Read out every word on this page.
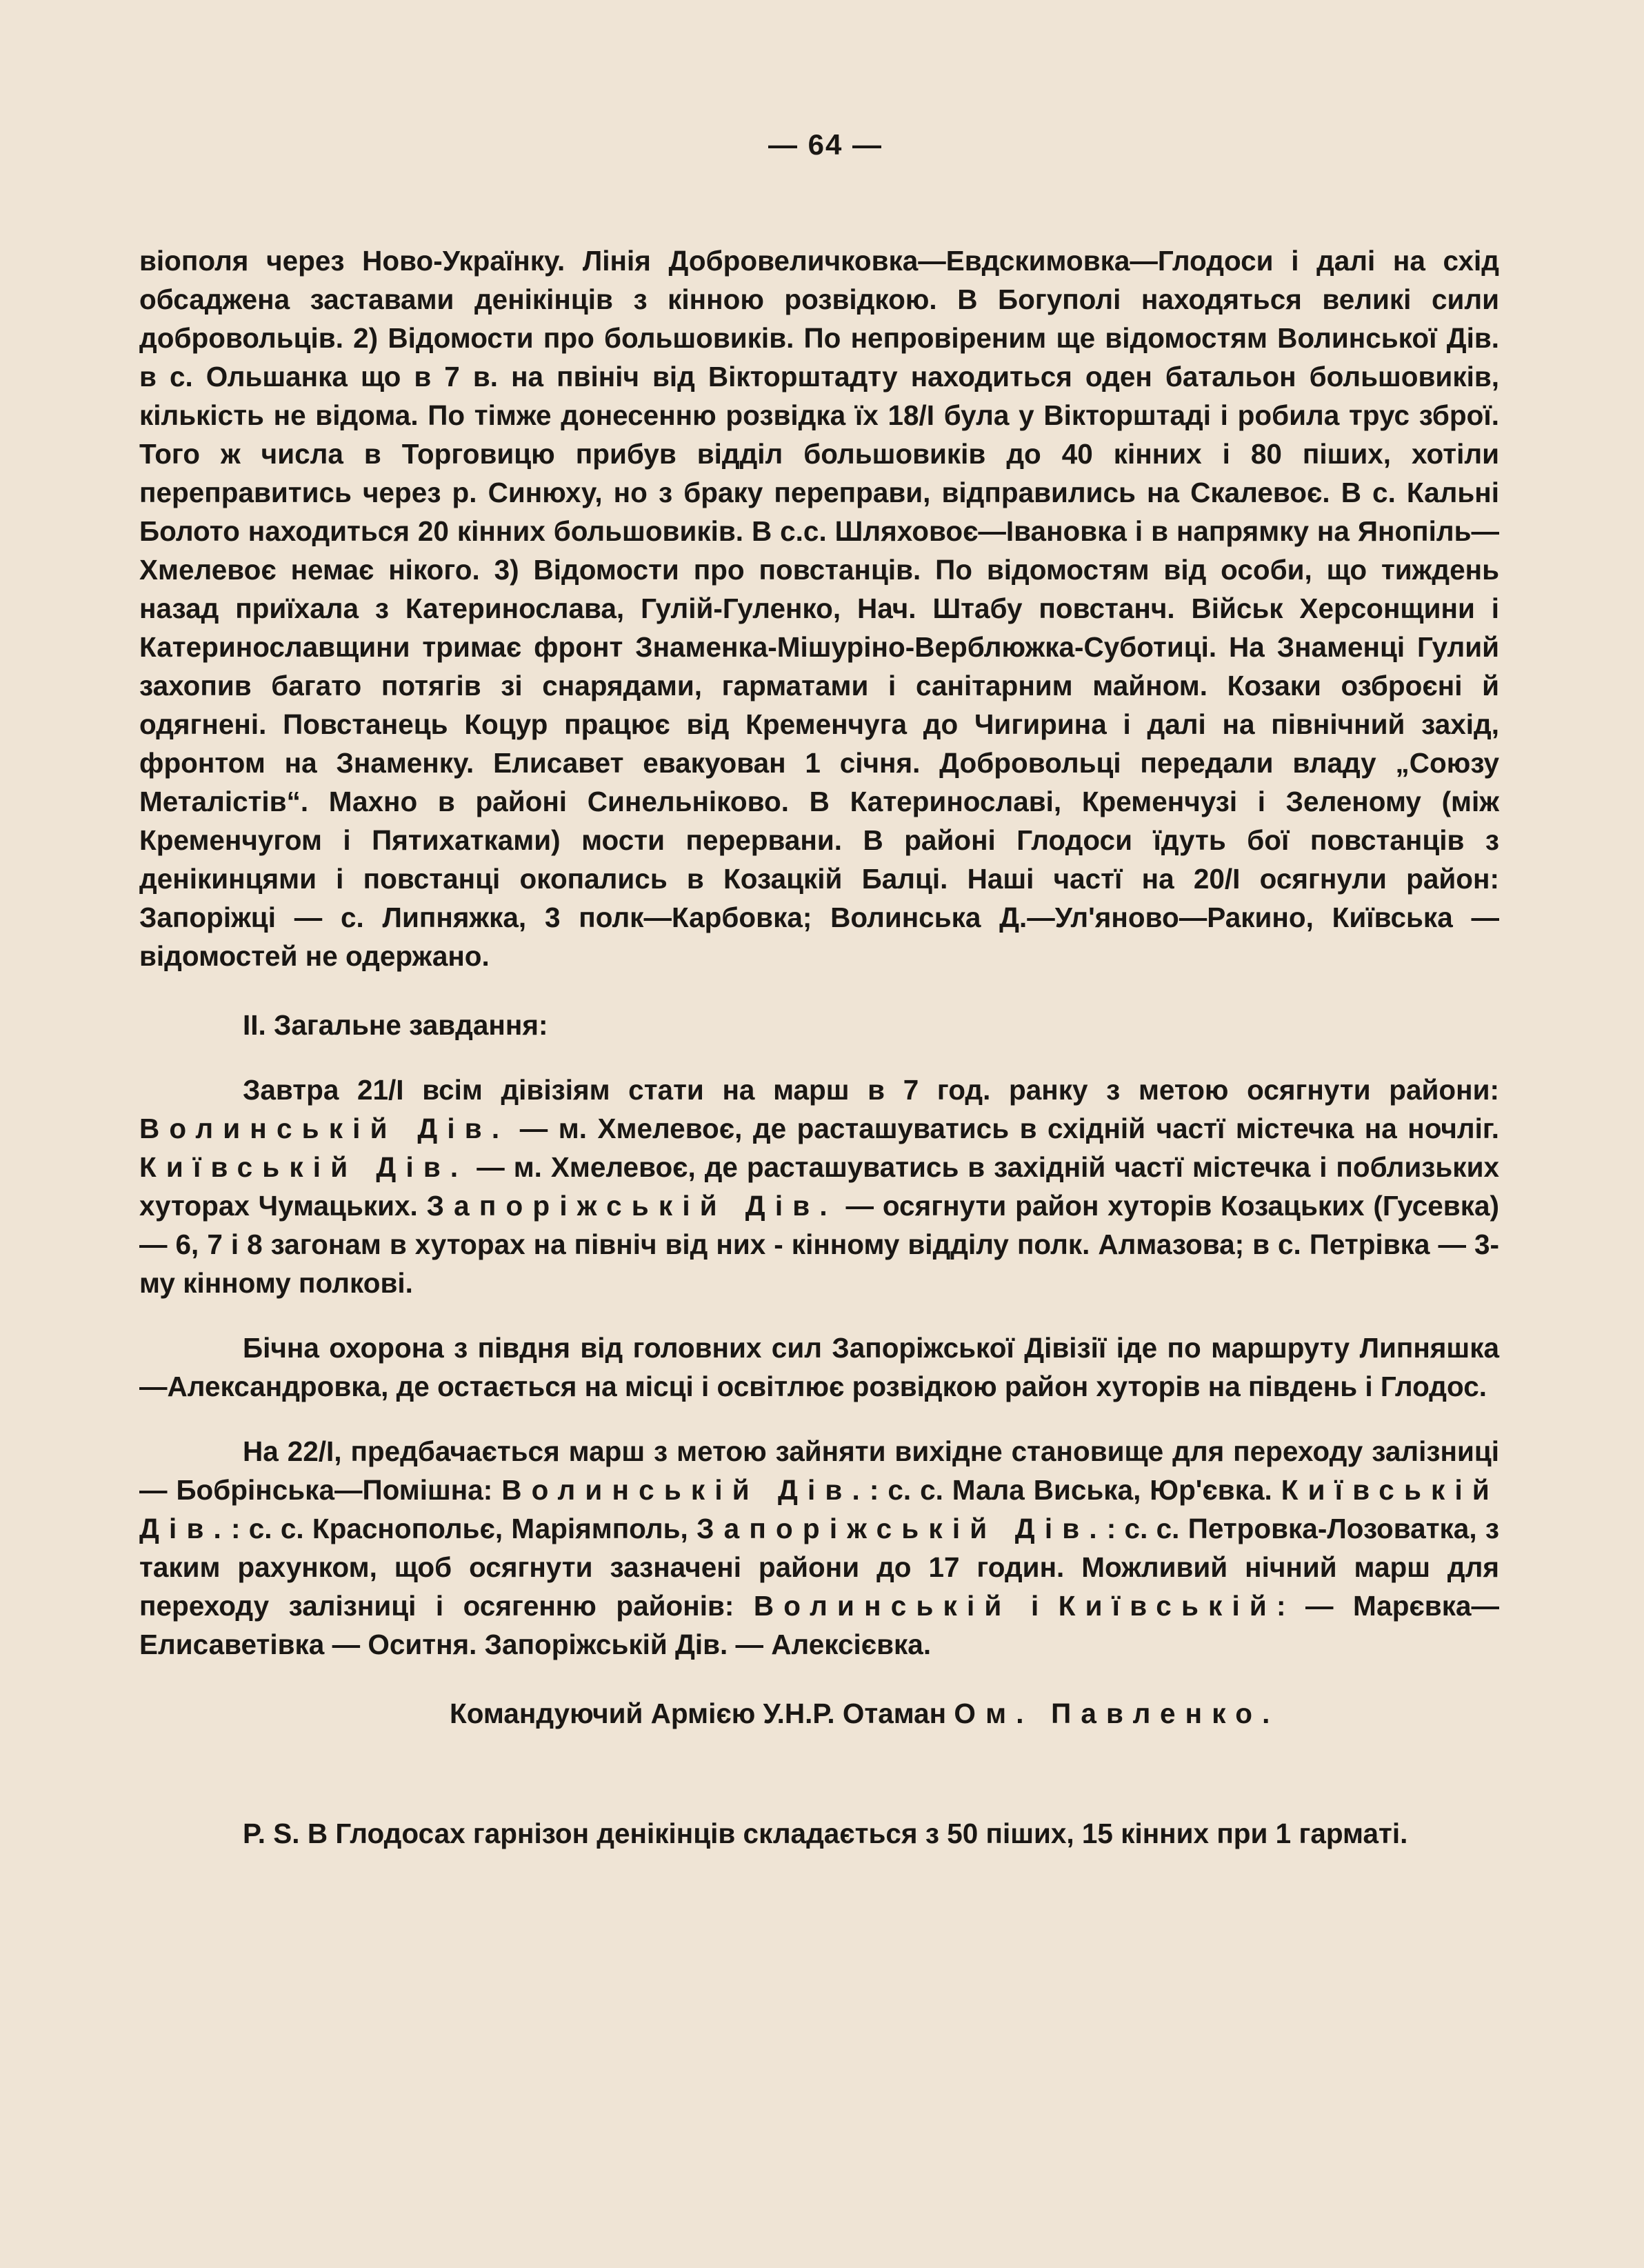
— 64 —

віополя через Ново-Українку. Лінія Добровеличковка—Евдскимовка—Глодоси і далі на схід обсаджена заставами денікінців з кінною розвідкою. В Богуполі находяться великі сили добровольців. 2) Відомости про большовиків. По непровіреним ще відомостям Волинської Дів. в с. Ольшанка що в 7 в. на пвініч від Вікторштадту находиться оден батальон большовиків, кількість не відома. По тімже донесенню розвідка їх 18/І була у Вікторштаді і робила трус зброї. Того ж числа в Торговицю прибув відділ большовиків до 40 кінних і 80 піших, хотіли переправитись через р. Синюху, но з браку переправи, відправились на Скалевоє. В с. Кальні Болото находиться 20 кінних большовиків. В с.с. Шляховоє—Івановка і в напрямку на Янопіль—Хмелевоє немає нікого. 3) Відомости про повстанців. По відомостям від особи, що тиждень назад приїхала з Катеринослава, Гулій-Гуленко, Нач. Штабу повстанч. Військ Херсонщини і Катеринославщини тримає фронт Знаменка-Мішуріно-Верблюжка-Суботиці. На Знаменці Гулий захопив багато потягів зі снарядами, гарматами і санітарним майном. Козаки озброєні й одягнені. Повстанець Коцур працює від Кременчуга до Чигирина і далі на північний захід, фронтом на Знаменку. Елисавет евакуован 1 січня. Добровольці передали владу „Союзу Металістів“. Махно в районі Синельніково. В Катеринославі, Кременчузі і Зеленому (між Кременчугом і Пятихатками) мости перервани. В районі Глодоси їдуть бої повстанців з денікинцями і повстанці окопались в Козацкій Балці. Наші частї на 20/І осягнули район: Запоріжці — с. Липняжка, 3 полк—Карбовка; Волинська Д.—Ул'яново—Ракино, Київська — відомостей не одержано.

II. Загальне завдання:

Завтра 21/І всім дівізіям стати на марш в 7 год. ранку з метою осягнути райони: Волинській Дів. — м. Хмелевоє, де расташуватись в східній частї містечка на ночліг. Київській Дів. — м. Хмелевоє, де расташуватись в західній частї містечка і поблизьких хуторах Чумацьких. Запоріжській Дів. — осягнути район хуторів Козацьких (Гусевка) — 6, 7 і 8 загонам в хуторах на північ від них - кінному відділу полк. Алмазова; в с. Петрівка — 3-му кінному полкові.

Бічна охорона з півдня від головних сил Запоріжської Дівізії іде по маршруту Липняшка—Александровка, де остається на місці і освітлює розвідкою район хуторів на південь і Глодос.

На 22/І, предбачається марш з метою зайняти вихідне становище для переходу залізниці — Бобрінська—Помішна: Волинській Дів.: с. с. Мала Виська, Юр'євка. Київській Дів.: с. с. Краснопольє, Маріямполь, Запоріжській Дів.: с. с. Петровка-Лозоватка, з таким рахунком, щоб осягнути зазначені райони до 17 годин. Можливий нічний марш для переходу залізниці і осягенню районів: Волинській і Київській: — Марєвка—Елисаветівка — Оситня. Запоріжській Дів. — Алексієвка.

Командуючий Армією У.Н.Р. Отаман Ом. Павленко.

P. S. В Глодосах гарнізон денікінців складається з 50 піших, 15 кінних при 1 гарматі.
